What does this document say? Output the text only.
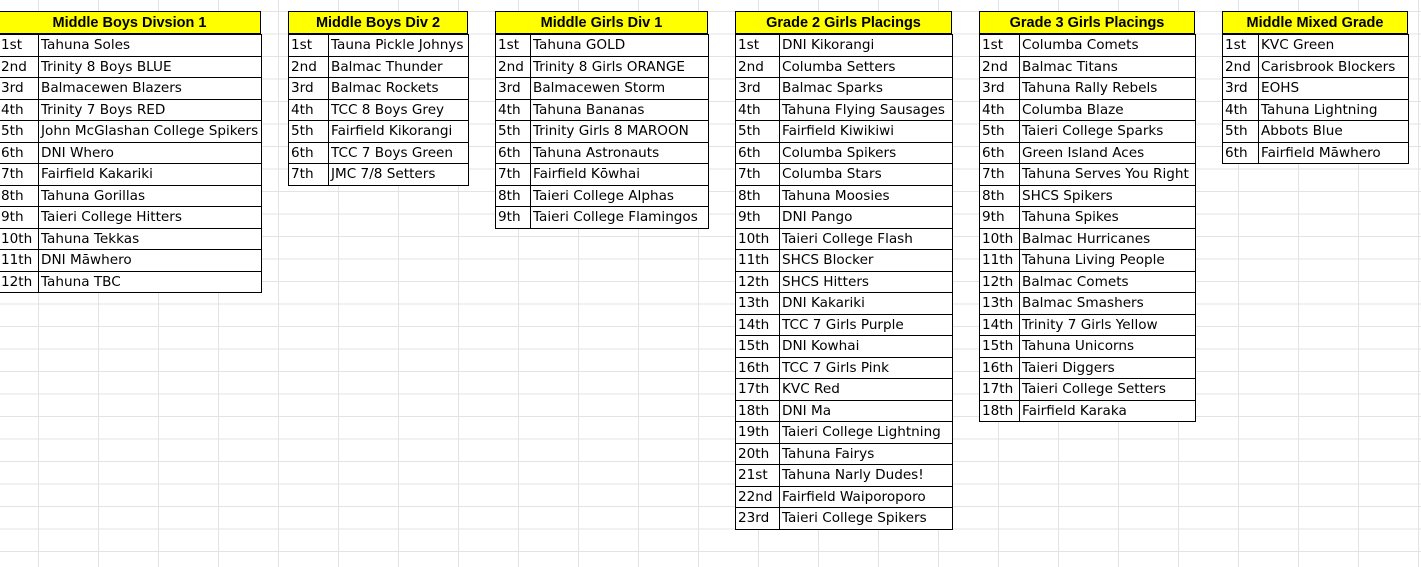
Middle Boys Divsion 1
1st	Tahuna Soles
2nd	Trinity 8 Boys BLUE
3rd	Balmacewen Blazers
4th	Trinity 7 Boys RED
5th	John McGlashan College Spikers
6th	DNI Whero
7th	Fairfield Kakariki
8th	Tahuna Gorillas
9th	Taieri College Hitters
10th	Tahuna Tekkas
11th	DNI Māwhero
12th	Tahuna TBC
Middle Boys Div 2
1st	Tauna Pickle Johnys
2nd	Balmac Thunder
3rd	Balmac Rockets
4th	TCC 8 Boys Grey
5th	Fairfield Kikorangi
6th	TCC 7 Boys Green
7th	JMC 7/8 Setters
Middle Girls Div 1
1st	Tahuna GOLD
2nd	Trinity 8 Girls ORANGE
3rd	Balmacewen Storm
4th	Tahuna Bananas
5th	Trinity Girls 8 MAROON
6th	Tahuna Astronauts
7th	Fairfield Kōwhai
8th	Taieri College Alphas
9th	Taieri College Flamingos
Grade 2 Girls Placings
1st	DNI Kikorangi
2nd	Columba Setters
3rd	Balmac Sparks
4th	Tahuna Flying Sausages
5th	Fairfield Kiwikiwi
6th	Columba Spikers
7th	Columba Stars
8th	Tahuna Moosies
9th	DNI Pango
10th	Taieri College Flash
11th	SHCS Blocker
12th	SHCS Hitters
13th	DNI Kakariki
14th	TCC 7 Girls Purple
15th	DNI Kowhai
16th	TCC 7 Girls Pink
17th	KVC Red
18th	DNI Ma
19th	Taieri College Lightning
20th	Tahuna Fairys
21st	Tahuna Narly Dudes!
22nd	Fairfield Waiporoporo
23rd	Taieri College Spikers
Grade 3 Girls Placings
1st	Columba Comets
2nd	Balmac Titans
3rd	Tahuna Rally Rebels
4th	Columba Blaze
5th	Taieri College Sparks
6th	Green Island Aces
7th	Tahuna Serves You Right
8th	SHCS Spikers
9th	Tahuna Spikes
10th	Balmac Hurricanes
11th	Tahuna Living People
12th	Balmac Comets
13th	Balmac Smashers
14th	Trinity 7 Girls Yellow
15th	Tahuna Unicorns
16th	Taieri Diggers
17th	Taieri College Setters
18th	Fairfield Karaka
Middle Mixed Grade
1st	KVC Green
2nd	Carisbrook Blockers
3rd	EOHS
4th	Tahuna Lightning
5th	Abbots Blue
6th	Fairfield Māwhero
